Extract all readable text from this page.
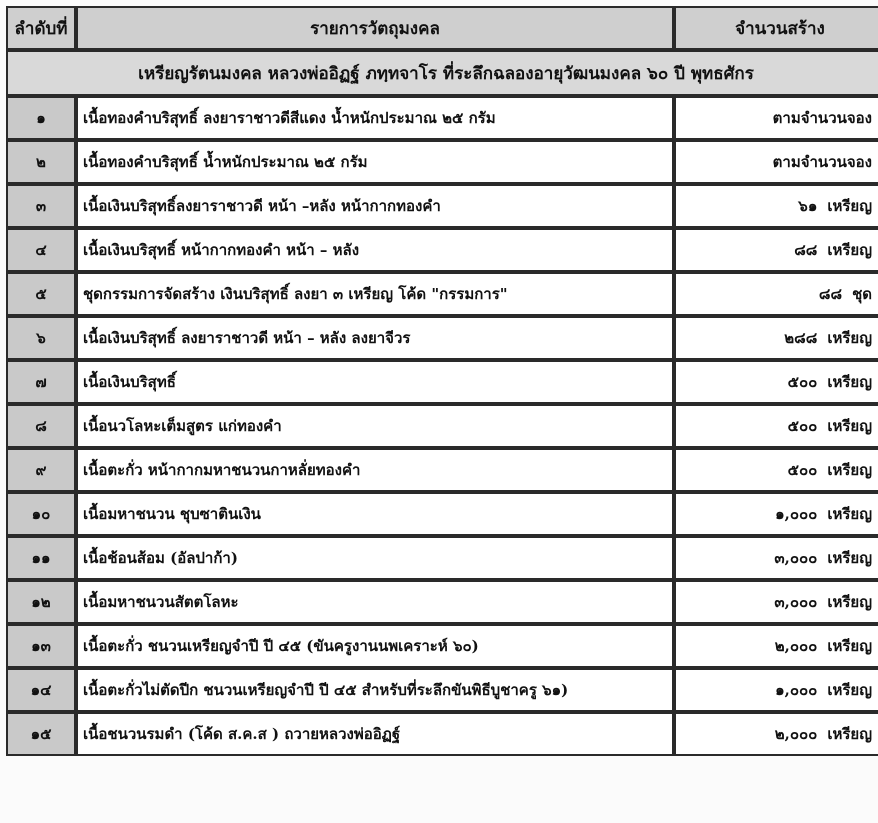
ลำดับที่	รายการวัตถุมงคล	จำนวนสร้าง
เหรียญรัตนมงคล หลวงพ่ออิฏฐ์ ภทฺทจาโร ที่ระลึกฉลองอายุวัฒนมงคล ๖๐ ปี พุทธศักร		
๑	เนื้อทองคำบริสุทธิ์ ลงยาราชาวดีสีแดง น้ำหนักประมาณ ๒๕ กรัม	ตามจำนวนจอง
๒	เนื้อทองคำบริสุทธิ์ น้ำหนักประมาณ ๒๕ กรัม	ตามจำนวนจอง
๓	เนื้อเงินบริสุทธิ์ลงยาราชาวดี หน้า –หลัง หน้ากากทองคำ	๖๑ เหรียญ
๔	เนื้อเงินบริสุทธิ์ หน้ากากทองคำ หน้า – หลัง	๘๘ เหรียญ
๕	ชุดกรรมการจัดสร้าง เงินบริสุทธิ์ ลงยา ๓ เหรียญ โค้ด "กรรมการ"	๘๘ ชุด
๖	เนื้อเงินบริสุทธิ์ ลงยาราชาวดี หน้า – หลัง ลงยาจีวร	๒๘๘ เหรียญ
๗	เนื้อเงินบริสุทธิ์	๕๐๐ เหรียญ
๘	เนื้อนวโลหะเต็มสูตร แก่ทองคำ	๕๐๐ เหรียญ
๙	เนื้อตะกั่ว หน้ากากมหาชนวนกาหลั่ยทองคำ	๕๐๐ เหรียญ
๑๐	เนื้อมหาชนวน ชุบซาตินเงิน	๑,๐๐๐ เหรียญ
๑๑	เนื้อช้อนส้อม (อัลปาก้า)	๓,๐๐๐ เหรียญ
๑๒	เนื้อมหาชนวนสัตตโลหะ	๓,๐๐๐ เหรียญ
๑๓	เนื้อตะกั่ว ชนวนเหรียญจำปี ปี ๔๕ (ขันครูงานนพเคราะห์ ๖๐)	๒,๐๐๐ เหรียญ
๑๔	เนื้อตะกั่วไม่ตัดปีก ชนวนเหรียญจำปี ปี ๔๕ สำหรับที่ระลึกขันพิธีบูชาครู ๖๑)	๑,๐๐๐ เหรียญ
๑๕	เนื้อชนวนรมดำ (โค้ด ส.ค.ส ) ถวายหลวงพ่ออิฏฐ์	๒,๐๐๐ เหรียญ
